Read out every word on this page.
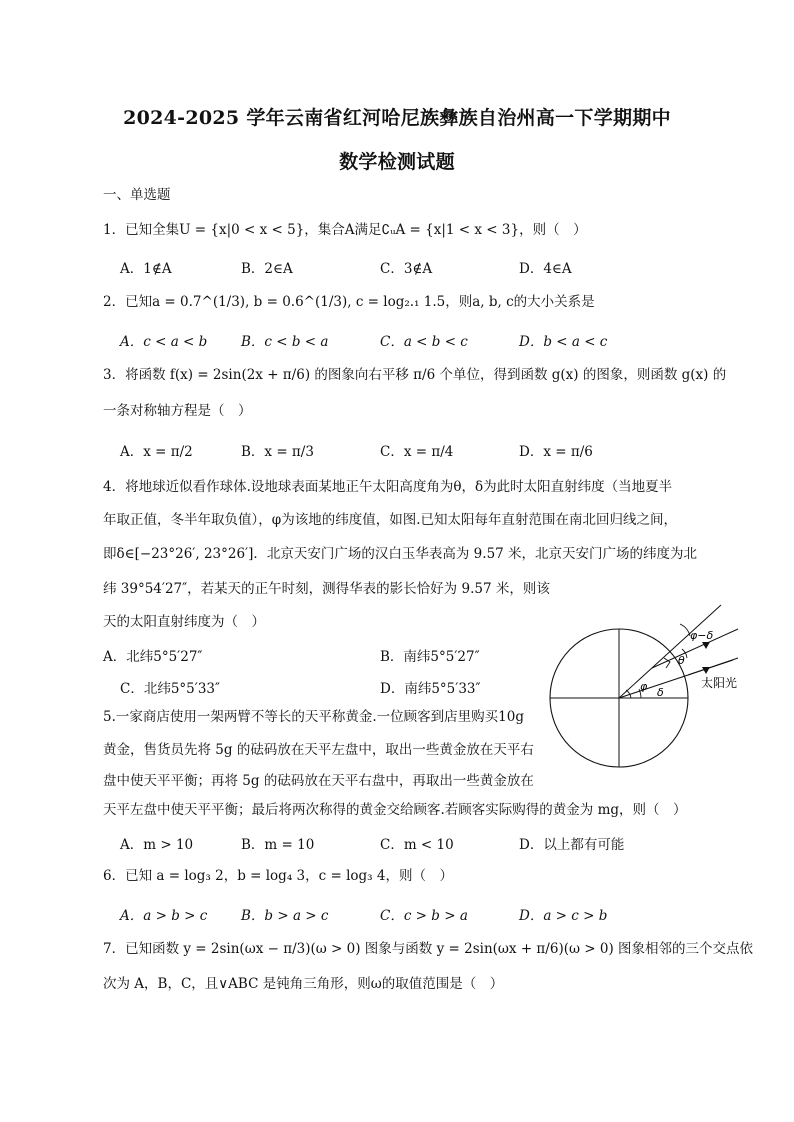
2024-2025 学年云南省红河哈尼族彝族自治州高一下学期期中
数学检测试题
一、单选题
1．已知全集U = {x|0 < x < 5}，集合A满足∁ᵤA = {x|1 < x < 3}，则（　）
A．1∉A	B．2∈A	C．3∉A	D．4∈A
2．已知a = 0.7^(1/3), b = 0.6^(1/3), c = log₂.₁ 1.5，则a, b, c的大小关系是
A．c < a < b B．c < b < a	C．a < b < c	D．b < a < c
3．将函数 f(x) = 2sin(2x + π/6) 的图象向右平移 π/6 个单位，得到函数 g(x) 的图象，则函数 g(x) 的
一条对称轴方程是（　）
A．x = π/2	B．x = π/3	C．x = π/4	D．x = π/6
4．将地球近似看作球体.设地球表面某地正午太阳高度角为θ，δ为此时太阳直射纬度（当地夏半
年取正值，冬半年取负值），φ为该地的纬度值，如图.已知太阳每年直射范围在南北回归线之间，
即δ∈[−23°26′, 23°26′]．北京天安门广场的汉白玉华表高为 9.57 米，北京天安门广场的纬度为北
纬 39°54′27″，若某天的正午时刻，测得华表的影长恰好为 9.57 米，则该
天的太阳直射纬度为（　）
A．北纬5°5′27″	B．南纬5°5′27″
C．北纬5°5′33″	D．南纬5°5′33″
φ−δ
θ
φ δ
太阳光
5.一家商店使用一架两臂不等长的天平称黄金.一位顾客到店里购买10g
黄金，售货员先将 5g 的砝码放在天平左盘中，取出一些黄金放在天平右
盘中使天平平衡；再将 5g 的砝码放在天平右盘中，再取出一些黄金放在
天平左盘中使天平平衡；最后将两次称得的黄金交给顾客.若顾客实际购得的黄金为 mg，则（　）
A．m > 10	B．m = 10	C．m < 10	D．以上都有可能
6．已知 a = log₃ 2，b = log₄ 3，c = log₃ 4，则（　）
A．a > b > c B．b > a > c	C．c > b > a	D．a > c > b
7．已知函数 y = 2sin(ωx − π/3)(ω > 0) 图象与函数 y = 2sin(ωx + π/6)(ω > 0) 图象相邻的三个交点依
次为 A，B，C，且∨ABC 是钝角三角形，则ω的取值范围是（　）
